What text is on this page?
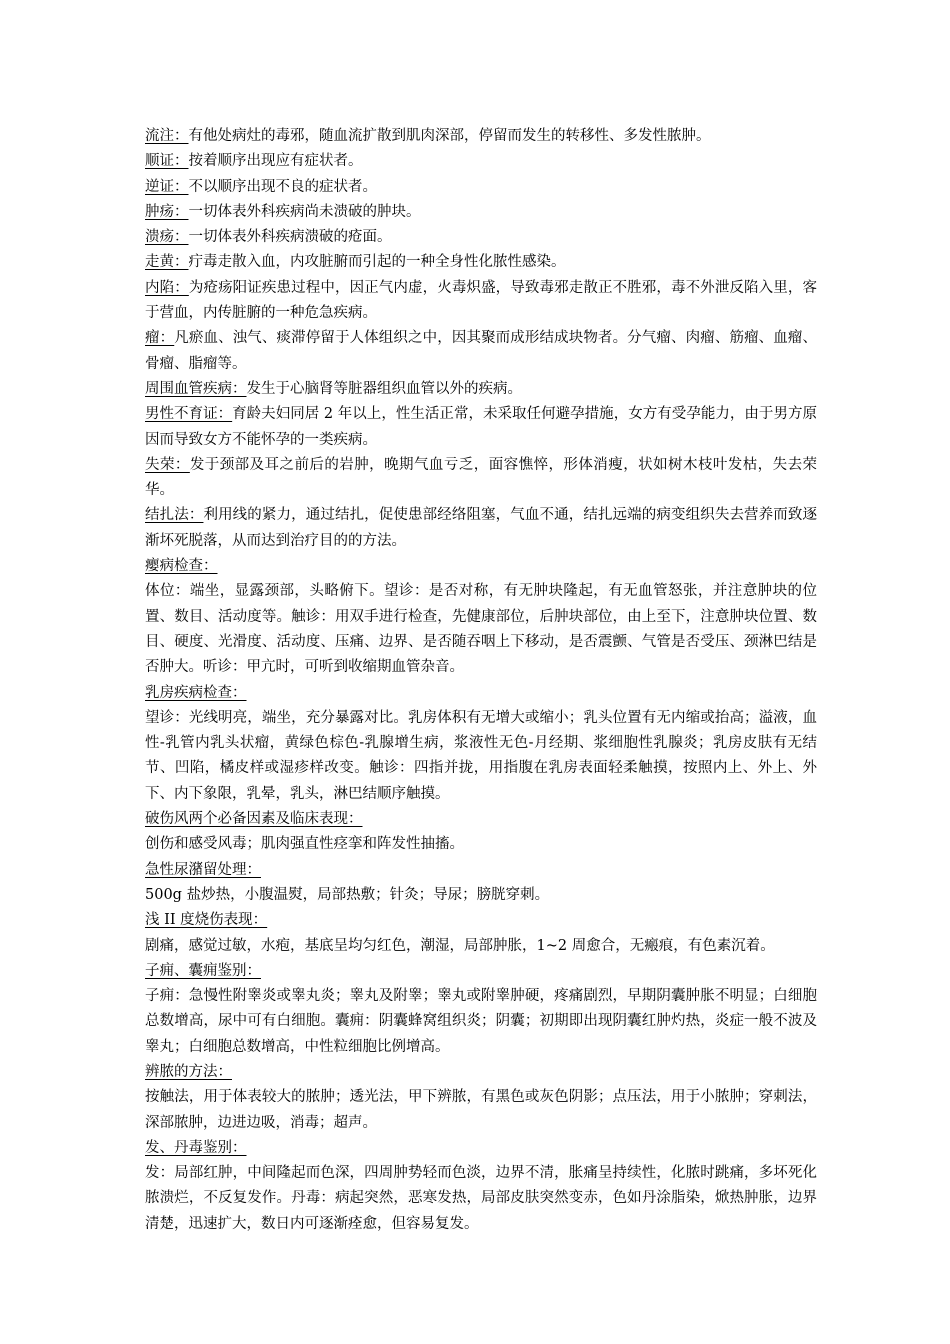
流注：有他处病灶的毒邪，随血流扩散到肌肉深部，停留而发生的转移性、多发性脓肿。

顺证：按着顺序出现应有症状者。

逆证：不以顺序出现不良的症状者。

肿疡：一切体表外科疾病尚未溃破的肿块。

溃疡：一切体表外科疾病溃破的疮面。

走黄：疔毒走散入血，内攻脏腑而引起的一种全身性化脓性感染。

内陷：为疮疡阳证疾患过程中，因正气内虚，火毒炽盛，导致毒邪走散正不胜邪，毒不外泄反陷入里，客于营血，内传脏腑的一种危急疾病。

瘤：凡瘀血、浊气、痰滞停留于人体组织之中，因其聚而成形结成块物者。分气瘤、肉瘤、筋瘤、血瘤、骨瘤、脂瘤等。

周围血管疾病：发生于心脑肾等脏器组织血管以外的疾病。

男性不育证：育龄夫妇同居 2 年以上，性生活正常，未采取任何避孕措施，女方有受孕能力，由于男方原因而导致女方不能怀孕的一类疾病。

失荣：发于颈部及耳之前后的岩肿，晚期气血亏乏，面容憔悴，形体消瘦，状如树木枝叶发枯，失去荣华。

结扎法：利用线的紧力，通过结扎，促使患部经络阻塞，气血不通，结扎远端的病变组织失去营养而致逐渐坏死脱落，从而达到治疗目的的方法。

瘿病检查：

体位：端坐，显露颈部，头略俯下。望诊：是否对称，有无肿块隆起，有无血管怒张，并注意肿块的位置、数目、活动度等。触诊：用双手进行检查，先健康部位，后肿块部位，由上至下，注意肿块位置、数目、硬度、光滑度、活动度、压痛、边界、是否随吞咽上下移动，是否震颤、气管是否受压、颈淋巴结是否肿大。听诊：甲亢时，可听到收缩期血管杂音。

乳房疾病检查：

望诊：光线明亮，端坐，充分暴露对比。乳房体积有无增大或缩小；乳头位置有无内缩或抬高；溢液，血性-乳管内乳头状瘤，黄绿色棕色-乳腺增生病，浆液性无色-月经期、浆细胞性乳腺炎；乳房皮肤有无结节、凹陷，橘皮样或湿疹样改变。触诊：四指并拢，用指腹在乳房表面轻柔触摸，按照内上、外上、外下、内下象限，乳晕，乳头，淋巴结顺序触摸。

破伤风两个必备因素及临床表现：

创伤和感受风毒；肌肉强直性痉挛和阵发性抽搐。

急性尿潴留处理：

500g 盐炒热，小腹温熨，局部热敷；针灸；导尿；膀胱穿刺。

浅 II 度烧伤表现：

剧痛，感觉过敏，水疱，基底呈均匀红色，潮湿，局部肿胀，1~2 周愈合，无瘢痕，有色素沉着。

子痈、囊痈鉴别：

子痈：急慢性附睾炎或睾丸炎；睾丸及附睾；睾丸或附睾肿硬，疼痛剧烈，早期阴囊肿胀不明显；白细胞总数增高，尿中可有白细胞。囊痈：阴囊蜂窝组织炎；阴囊；初期即出现阴囊红肿灼热，炎症一般不波及睾丸；白细胞总数增高，中性粒细胞比例增高。

辨脓的方法：

按触法，用于体表较大的脓肿；透光法，甲下辨脓，有黑色或灰色阴影；点压法，用于小脓肿；穿刺法，深部脓肿，边进边吸，消毒；超声。

发、丹毒鉴别：

发：局部红肿，中间隆起而色深，四周肿势轻而色淡，边界不清，胀痛呈持续性，化脓时跳痛，多坏死化脓溃烂，不反复发作。丹毒：病起突然，恶寒发热，局部皮肤突然变赤，色如丹涂脂染，焮热肿胀，边界清楚，迅速扩大，数日内可逐渐痊愈，但容易复发。
